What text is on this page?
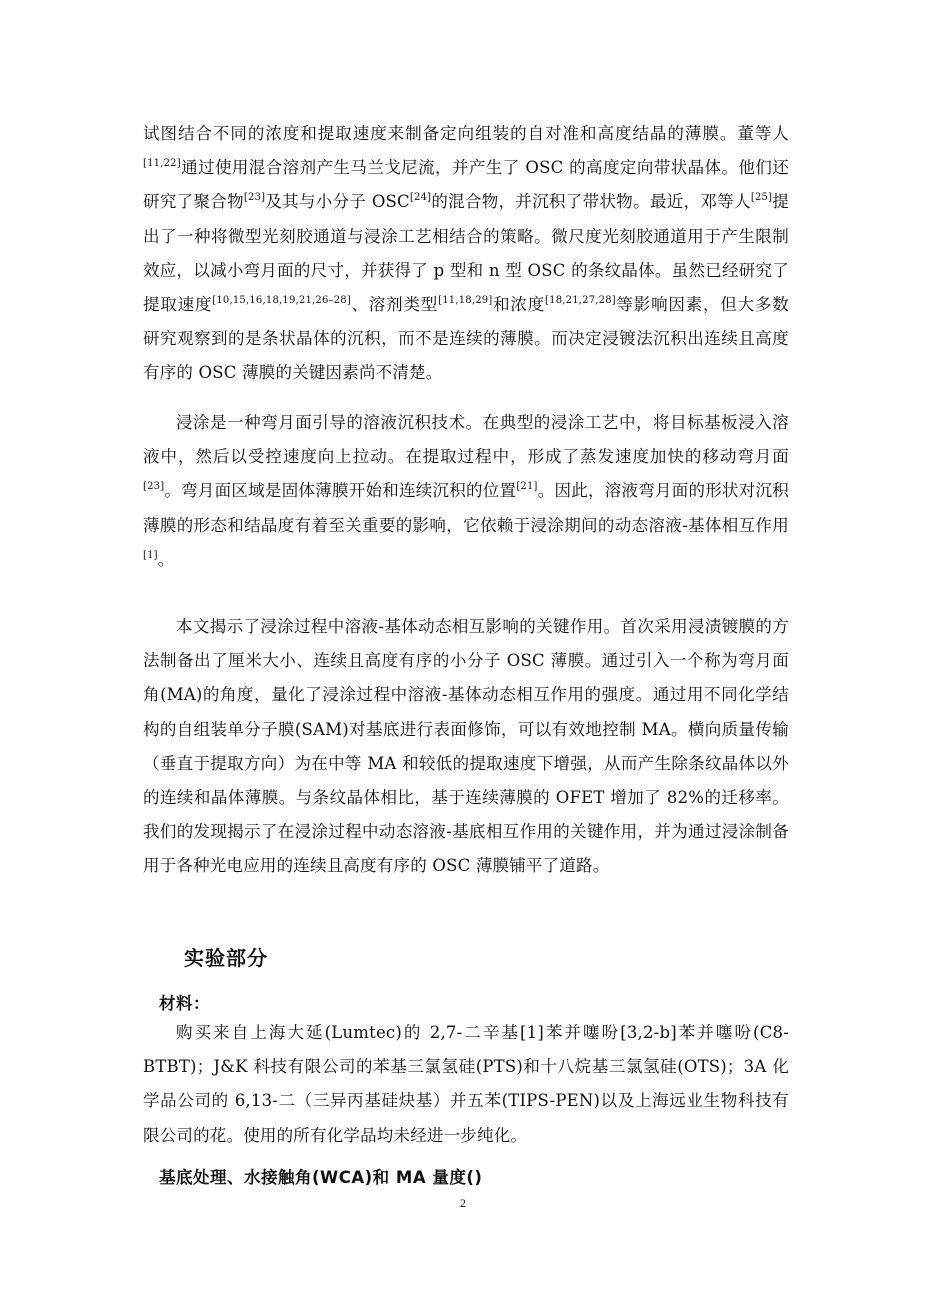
试图结合不同的浓度和提取速度来制备定向组装的自对准和高度结晶的薄膜。董等人[11,22]通过使用混合溶剂产生马兰戈尼流，并产生了 OSC 的高度定向带状晶体。他们还研究了聚合物[23]及其与小分子 OSC[24]的混合物，并沉积了带状物。最近，邓等人[25]提出了一种将微型光刻胶通道与浸涂工艺相结合的策略。微尺度光刻胶通道用于产生限制效应，以减小弯月面的尺寸，并获得了 p 型和 n 型 OSC 的条纹晶体。虽然已经研究了提取速度[10,15,16,18,19,21,26–28]、溶剂类型[11,18,29]和浓度[18,21,27,28]等影响因素，但大多数研究观察到的是条状晶体的沉积，而不是连续的薄膜。而决定浸镀法沉积出连续且高度有序的 OSC 薄膜的关键因素尚不清楚。

浸涂是一种弯月面引导的溶液沉积技术。在典型的浸涂工艺中，将目标基板浸入溶液中，然后以受控速度向上拉动。在提取过程中，形成了蒸发速度加快的移动弯月面[23]。弯月面区域是固体薄膜开始和连续沉积的位置[21]。因此，溶液弯月面的形状对沉积薄膜的形态和结晶度有着至关重要的影响，它依赖于浸涂期间的动态溶液-基体相互作用[1]。

本文揭示了浸涂过程中溶液-基体动态相互影响的关键作用。首次采用浸渍镀膜的方法制备出了厘米大小、连续且高度有序的小分子 OSC 薄膜。通过引入一个称为弯月面角(MA)的角度，量化了浸涂过程中溶液-基体动态相互作用的强度。通过用不同化学结构的自组装单分子膜(SAM)对基底进行表面修饰，可以有效地控制 MA。横向质量传输（垂直于提取方向）为在中等 MA 和较低的提取速度下增强，从而产生除条纹晶体以外的连续和晶体薄膜。与条纹晶体相比，基于连续薄膜的 OFET 增加了 82%的迁移率。我们的发现揭示了在浸涂过程中动态溶液-基底相互作用的关键作用，并为通过浸涂制备用于各种光电应用的连续且高度有序的 OSC 薄膜铺平了道路。

实验部分
材料：

购买来自上海大延(Lumtec)的 2,7-二辛基[1]苯并噻吩[3,2-b]苯并噻吩(C8-BTBT)；J&K 科技有限公司的苯基三氯氢硅(PTS)和十八烷基三氯氢硅(OTS)；3A 化学品公司的 6,13-二（三异丙基硅炔基）并五苯(TIPS-PEN)以及上海远业生物科技有限公司的花。使用的所有化学品均未经进一步纯化。

基底处理、水接触角(WCA)和 MA 量度()
2
